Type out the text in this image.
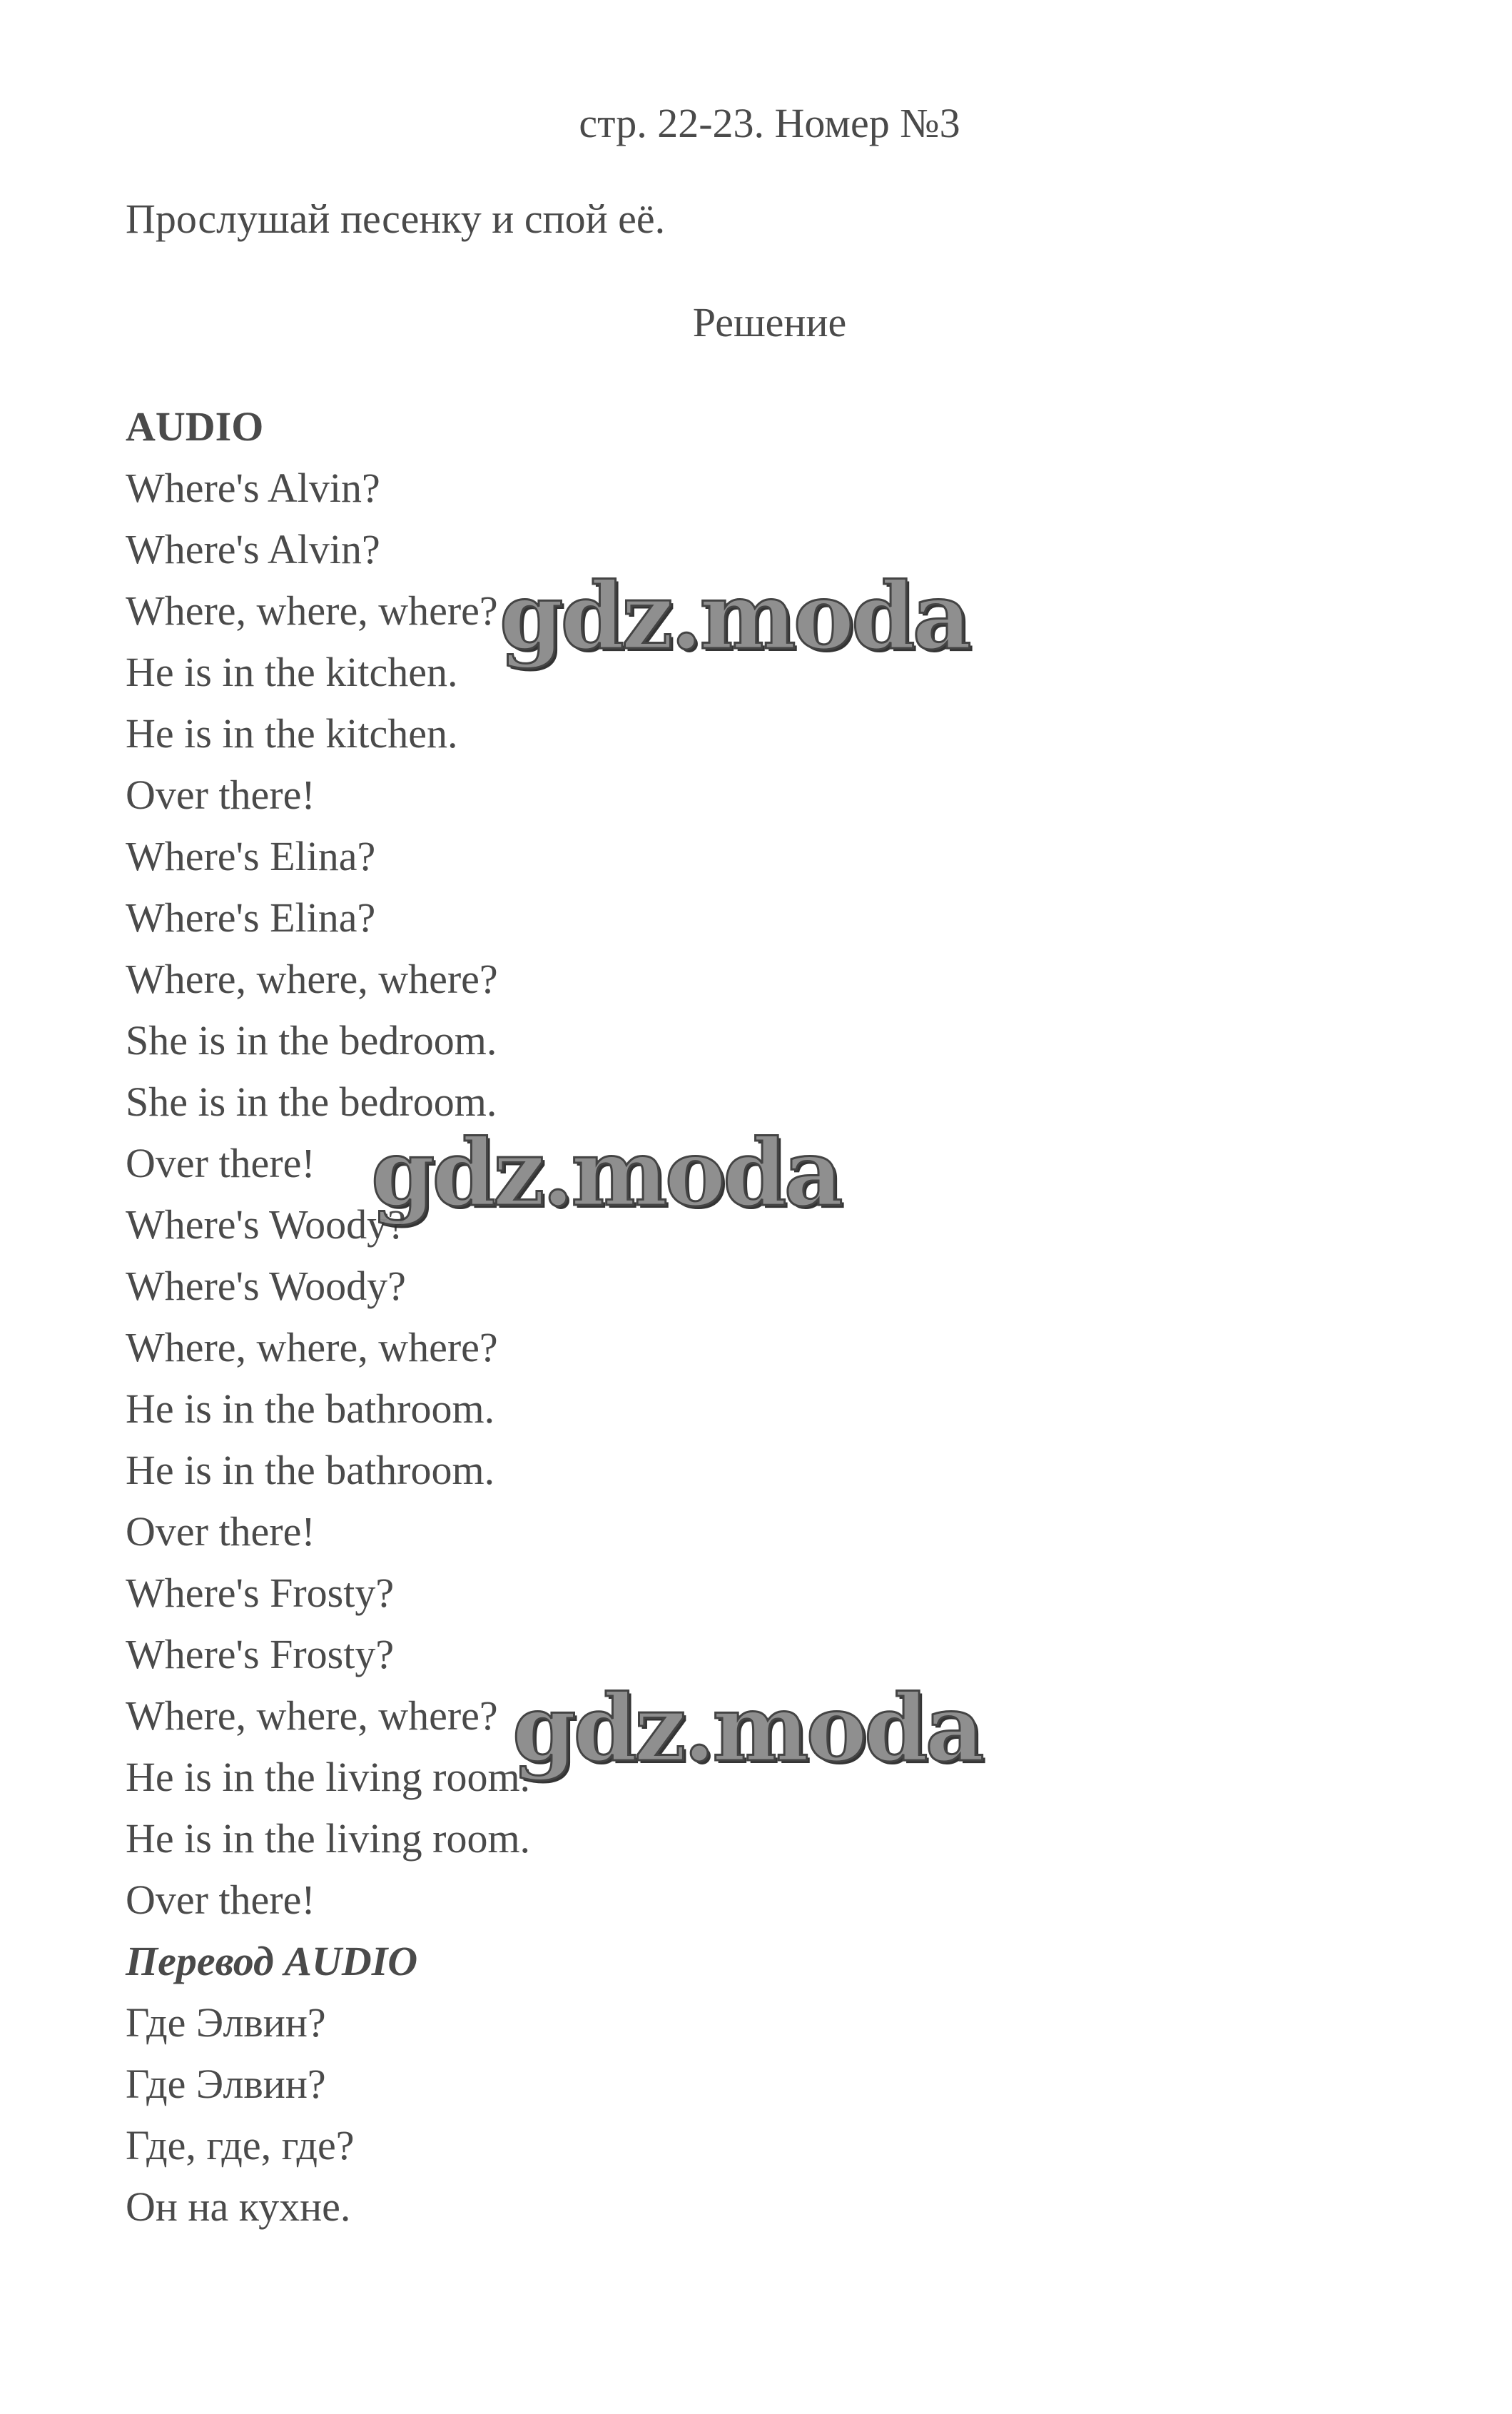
стр. 22-23. Номер №3
Прослушай песенку и спой её.
Решение
AUDIO
Where's Alvin?
Where's Alvin?
Where, where, where?
He is in the kitchen.
He is in the kitchen.
Over there!
Where's Elina?
Where's Elina?
Where, where, where?
She is in the bedroom.
She is in the bedroom.
Over there!
Where's Woody?
Where's Woody?
Where, where, where?
He is in the bathroom.
He is in the bathroom.
Over there!
Where's Frosty?
Where's Frosty?
Where, where, where?
He is in the living room.
He is in the living room.
Over there!
Перевод AUDIO
Где Элвин?
Где Элвин?
Где, где, где?
Он на кухне.
gdz.moda
gdz.moda
gdz.moda
